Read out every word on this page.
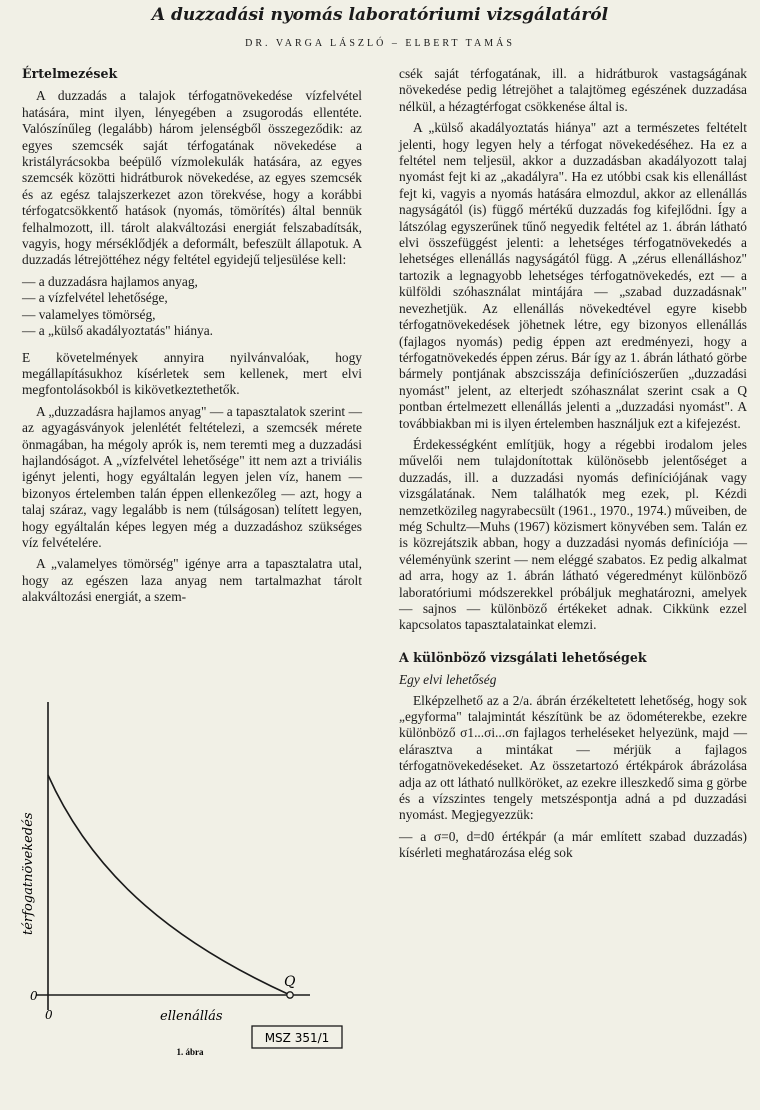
A duzzadási nyomás laboratóriumi vizsgálatáról
DR. VARGA LÁSZLÓ – ELBERT TAMÁS
Értelmezések

A duzzadás a talajok térfogatnövekedése vízfelvétel hatására, mint ilyen, lényegében a zsugorodás ellentéte. Valószínűleg (legalább) három jelenségből összegeződik: az egyes szemcsék saját térfogatának növekedése a kristályrácsokba beépülő vízmolekulák hatására, az egyes szemcsék közötti hidrátburok növekedése, az egyes szemcsék és az egész talajszerkezet azon törekvése, hogy a korábbi térfogatcsökkentő hatások (nyomás, tömörítés) által bennük felhalmozott, ill. tárolt alakváltozási energiát felszabadítsák, vagyis, hogy mérséklődjék a deformált, befeszült állapotuk. A duzzadás létrejöttéhez négy feltétel egyidejű teljesülése kell:

— a duzzadásra hajlamos anyag,
— a vízfelvétel lehetősége,
— valamelyes tömörség,
— a „külső akadályoztatás" hiánya.

E követelmények annyira nyilvánvalóak, hogy megállapításukhoz kísérletek sem kellenek, mert elvi megfontolásokból is kikövetkeztethetők.

A „duzzadásra hajlamos anyag" — a tapasztalatok szerint — az agyagásványok jelenlétét feltételezi, a szemcsék mérete önmagában, ha mégoly aprók is, nem teremti meg a duzzadási hajlandóságot. A „vízfelvétel lehetősége" itt nem azt a triviális igényt jelenti, hogy egyáltalán legyen jelen víz, hanem — bizonyos értelemben talán éppen ellenkezőleg — azt, hogy a talaj száraz, vagy legalább is nem (túlságosan) telített legyen, hogy egyáltalán képes legyen még a duzzadáshoz szükséges víz felvételére.

A „valamelyes tömörség" igénye arra a tapasztalatra utal, hogy az egészen laza anyag nem tartalmazhat tárolt alakváltozási energiát, a szem-

csék saját térfogatának, ill. a hidrátburok vastagságának növekedése pedig létrejöhet a talajtömeg egészének duzzadása nélkül, a hézagtérfogat csökkenése által is.

A „külső akadályoztatás hiánya" azt a természetes feltételt jelenti, hogy legyen hely a térfogat növekedéséhez. Ha ez a feltétel nem teljesül, akkor a duzzadásban akadályozott talaj nyomást fejt ki az „akadályra". Ha ez utóbbi csak kis ellenállást fejt ki, vagyis a nyomás hatására elmozdul, akkor az ellenállás nagyságától (is) függő mértékű duzzadás fog kifejlődni. Így a látszólag egyszerűnek tűnő negyedik feltétel az 1. ábrán látható elvi összefüggést jelenti: a lehetséges térfogatnövekedés a lehetséges ellenállás nagyságától függ. A „zérus ellenálláshoz" tartozik a legnagyobb lehetséges térfogatnövekedés, ezt — a külföldi szóhasználat mintájára — „szabad duzzadásnak" nevezhetjük. Az ellenállás növekedtével egyre kisebb térfogatnövekedések jöhetnek létre, egy bizonyos ellenállás (fajlagos nyomás) pedig éppen azt eredményezi, hogy a térfogatnövekedés éppen zérus. Bár így az 1. ábrán látható görbe bármely pontjának abszcisszája definíciószerűen „duzzadási nyomást" jelent, az elterjedt szóhasználat szerint csak a Q pontban értelmezett ellenállás jelenti a „duzzadási nyomást". A továbbiakban mi is ilyen értelemben használjuk ezt a kifejezést.

Érdekességként említjük, hogy a régebbi irodalom jeles művelői nem tulajdonítottak különösebb jelentőséget a duzzadás, ill. a duzzadási nyomás definíciójának vagy vizsgálatának. Nem találhatók meg ezek, pl. Kézdi nemzetközileg nagyrabecsült (1961., 1970., 1974.) műveiben, de még Schultz—Muhs (1967) közismert könyvében sem. Talán ez is közrejátszik abban, hogy a duzzadási nyomás definíciója — véleményünk szerint — nem eléggé szabatos. Ez pedig alkalmat ad arra, hogy az 1. ábrán látható végeredményt különböző laboratóriumi módszerekkel próbáljuk meghatározni, amelyek — sajnos — különböző értékeket adnak. Cikkünk ezzel kapcsolatos tapasztalatainkat elemzi.

A különböző vizsgálati lehetőségek
Egy elvi lehetőség

Elképzelhető az a 2/a. ábrán érzékeltetett lehetőség, hogy sok „egyforma" talajmintát készítünk be az ödométerekbe, ezekre különböző σ1...σi...σn fajlagos terheléseket helyezünk, majd — elárasztva a mintákat — mérjük a fajlagos térfogatnövekedéseket. Az összetartozó értékpárok ábrázolása adja az ott látható nullköröket, az ezekre illeszkedő sima g görbe és a vízszintes tengely metszéspontja adná a pd duzzadási nyomást. Megjegyezzük:

— a σ=0, d=d0 értékpár (a már említett szabad duzzadás) kísérleti meghatározása elég sok

Q
0
0	ellenállás
térfogatnövekedés
MSZ 351/1
1. ábra
